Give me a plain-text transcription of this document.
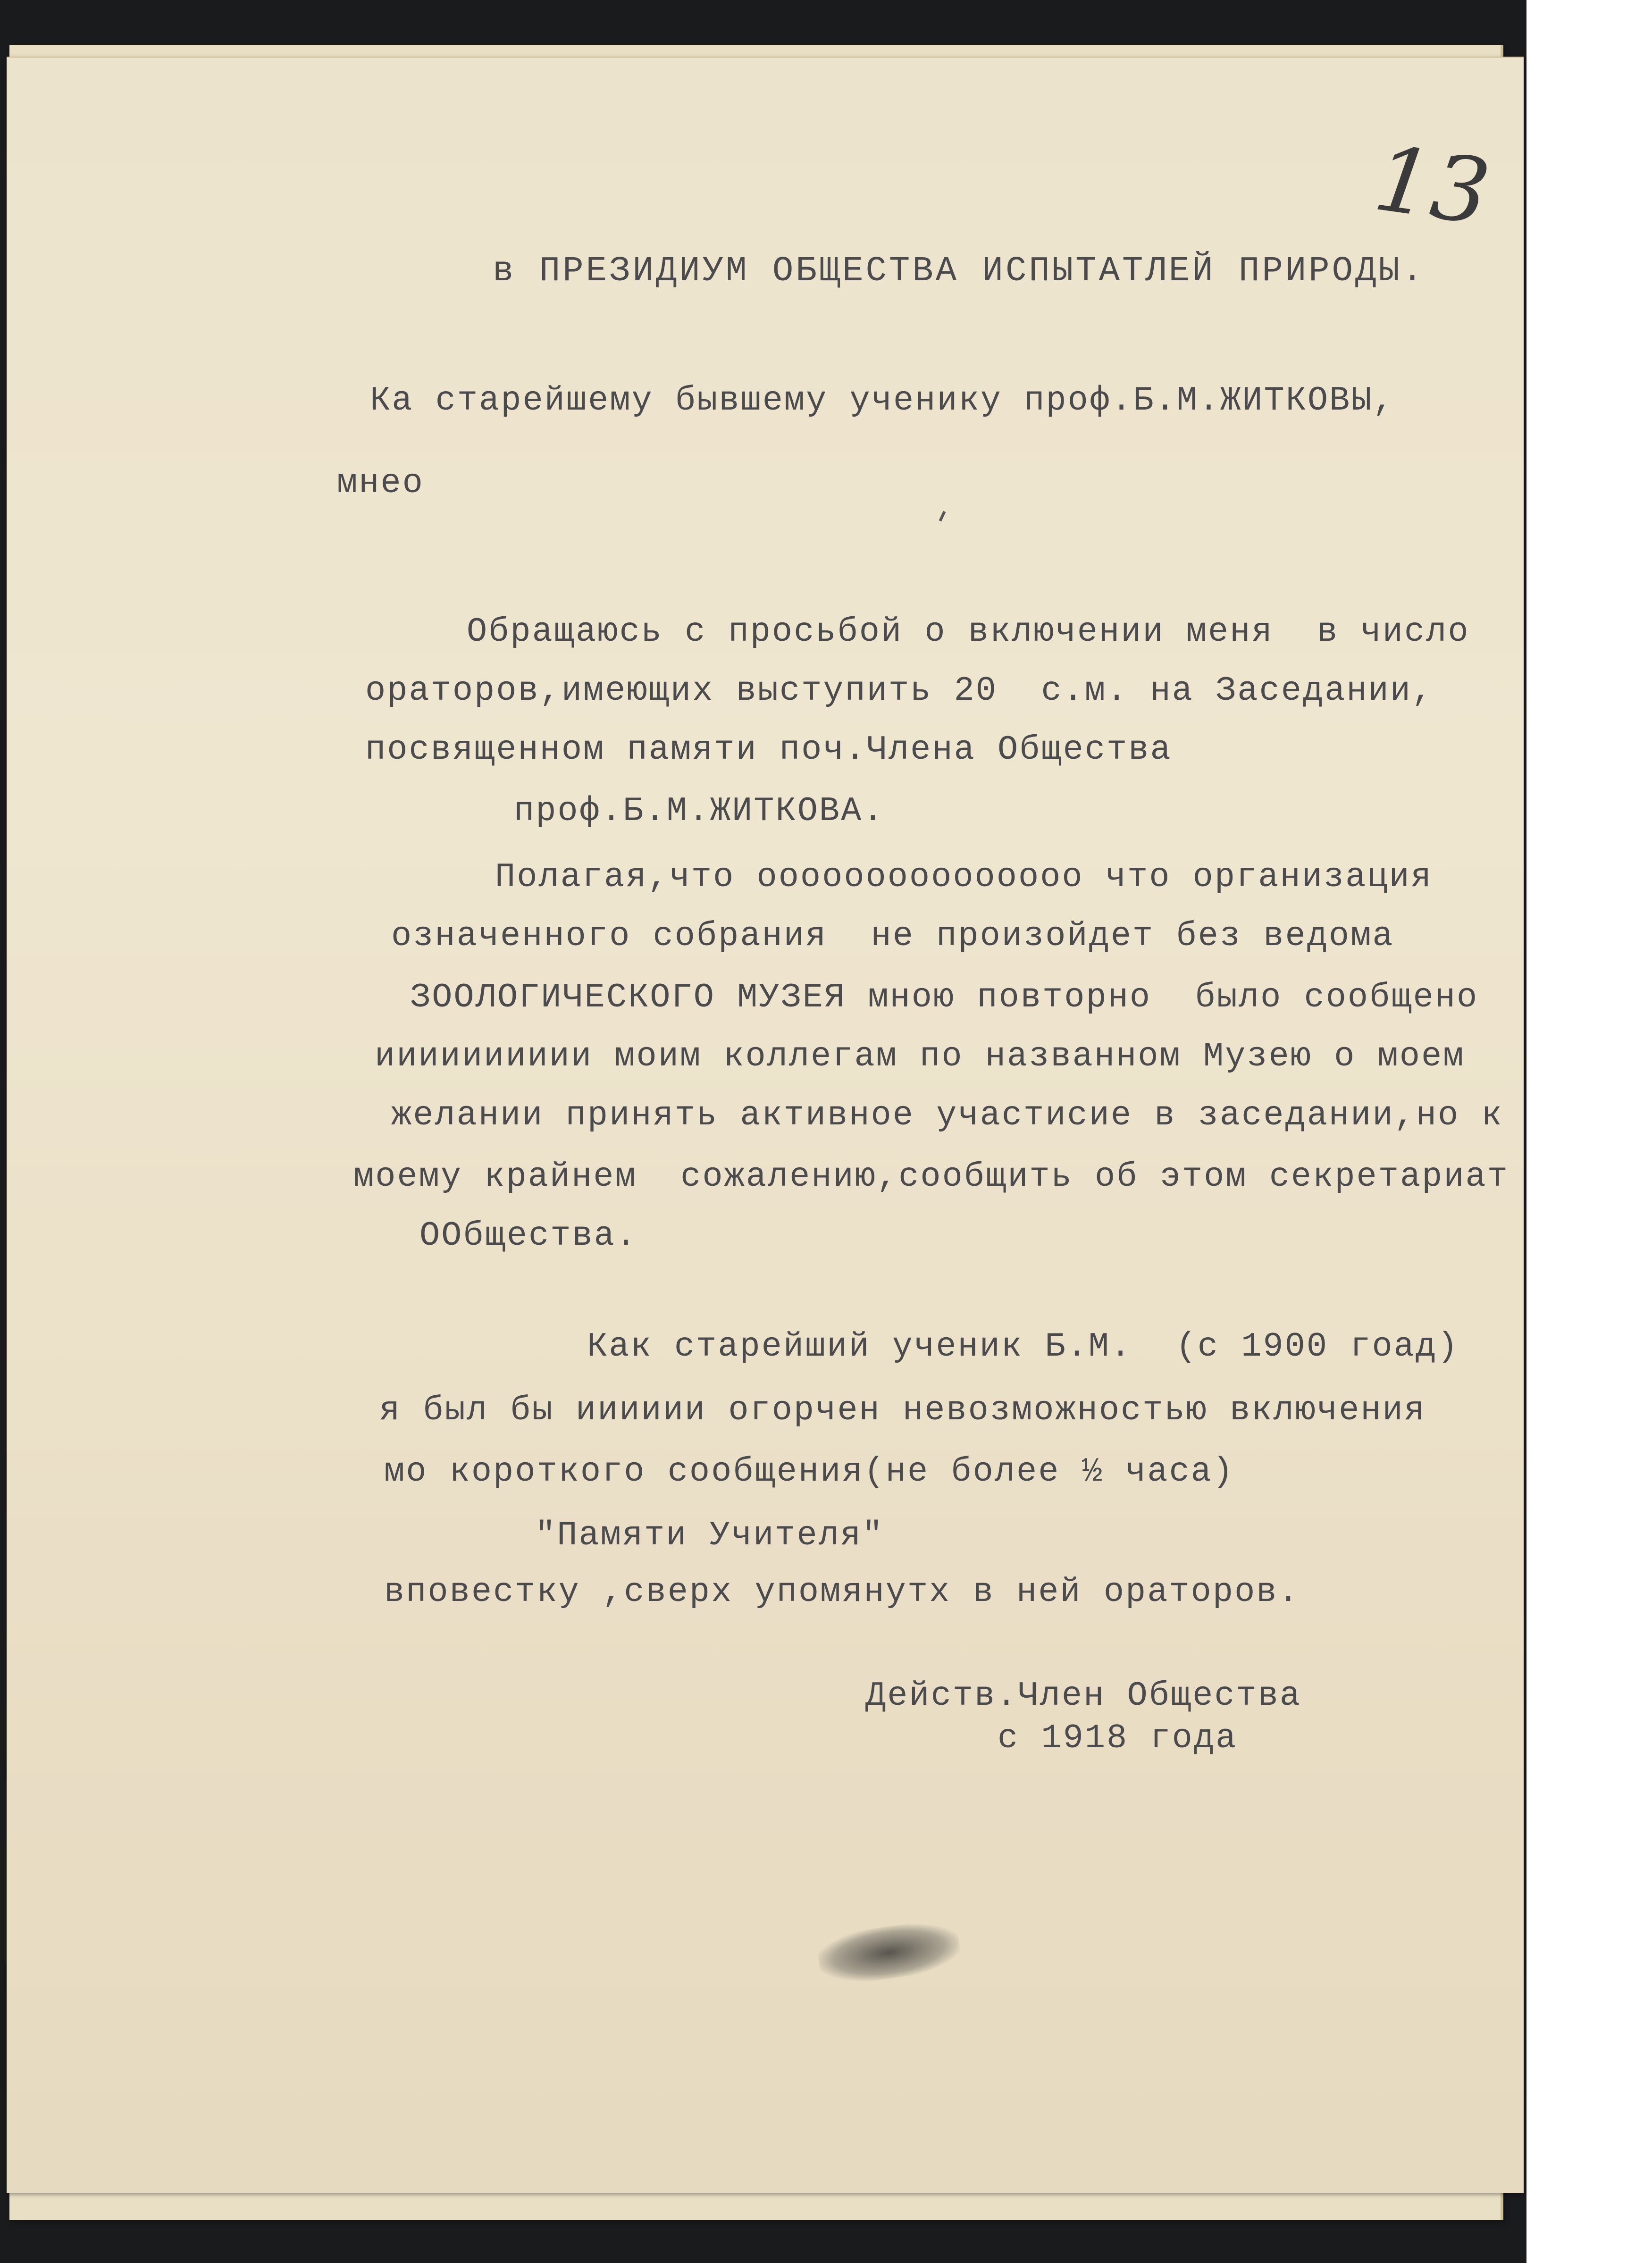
13
в ПРЕЗИДИУМ ОБЩЕСТВА ИСПЫТАТЛЕЙ ПРИРОДЫ.
Ка старейшему бывшему ученику проф.Б.М.ЖИТКОВЫ,
мнео
Обращаюсь с просьбой о включении меня  в число
ораторов,имеющих выступить 20  с.м. на Заседании,
посвященном памяти поч.Члена Общества
проф.Б.М.ЖИТКОВА.
Полагая,что ооооооооооооооо что организация
означенного собрания  не произойдет без ведома
ЗООЛОГИЧЕСКОГО МУЗЕЯ мною повторно  было сообщено
ииииииииии моим коллегам по названном Музею о моем
желании принять активное участисие в заседании,но к
моему крайнем  сожалению,сообщить об этом секретариат
ООбщества.
Как старейший ученик Б.М.  (с 1900 гоад)
я был бы ииииии огорчен невозможностью включения
мо короткого сообщения(не более ½ часа)
"Памяти Учителя"
вповестку ,сверх упомянутх в ней ораторов.
Действ.Член Общества
с 1918 года
